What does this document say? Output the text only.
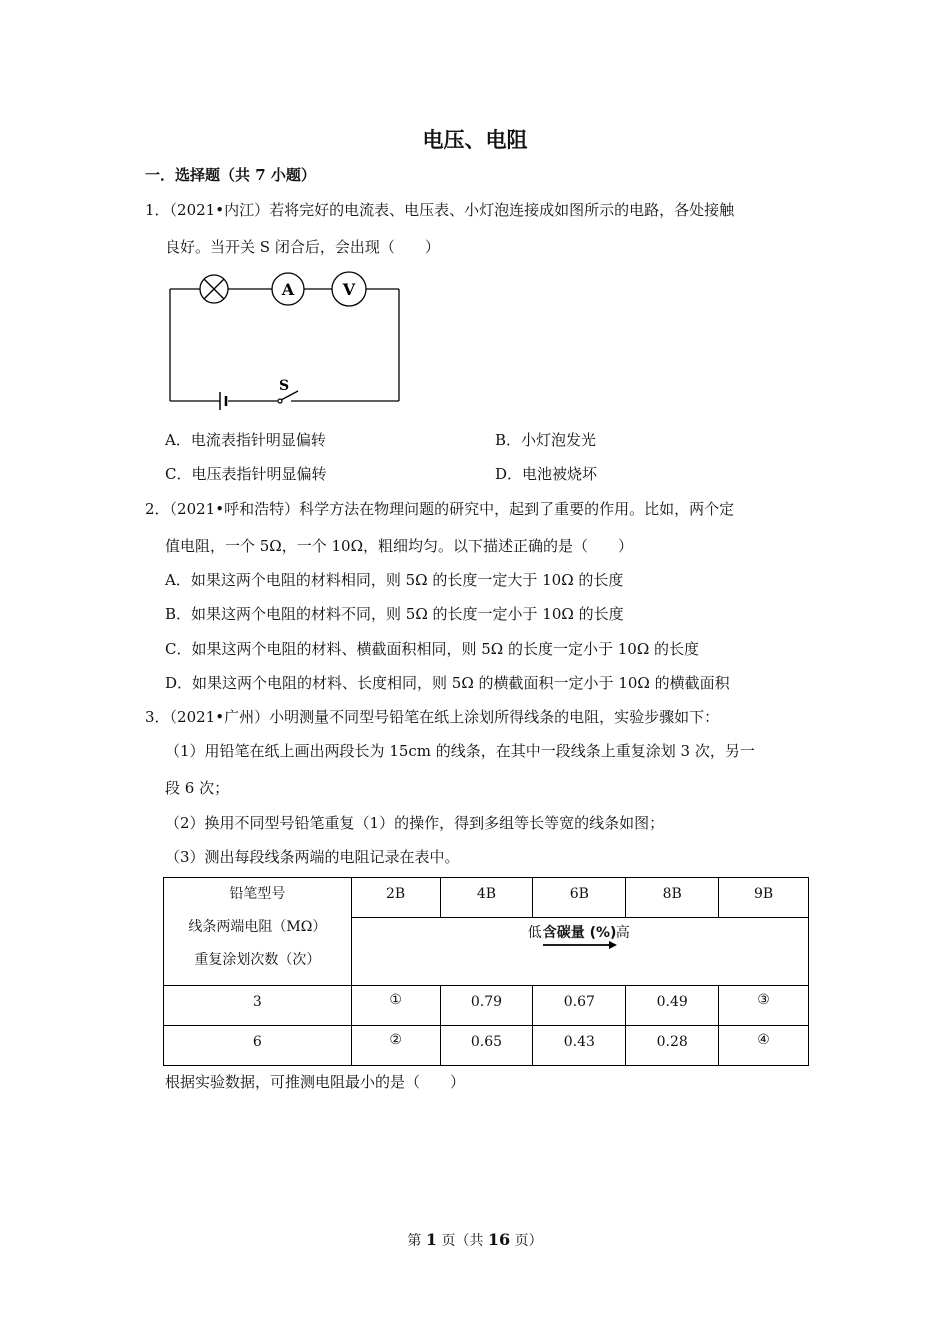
电压、电阻
一．选择题（共 7 小题）
1．（2021•内江）若将完好的电流表、电压表、小灯泡连接成如图所示的电路，各处接触
良好。当开关 S 闭合后，会出现（　　）
A	V
S
A．电流表指针明显偏转	B．小灯泡发光
C．电压表指针明显偏转	D．电池被烧坏
2．（2021•呼和浩特）科学方法在物理问题的研究中，起到了重要的作用。比如，两个定
值电阻，一个 5Ω，一个 10Ω，粗细均匀。以下描述正确的是（　　）
A．如果这两个电阻的材料相同，则 5Ω 的长度一定大于 10Ω 的长度
B．如果这两个电阻的材料不同，则 5Ω 的长度一定小于 10Ω 的长度
C．如果这两个电阻的材料、横截面积相同，则 5Ω 的长度一定小于 10Ω 的长度
D．如果这两个电阻的材料、长度相同，则 5Ω 的横截面积一定小于 10Ω 的横截面积
3．（2021•广州）小明测量不同型号铅笔在纸上涂划所得线条的电阻，实验步骤如下：
（1）用铅笔在纸上画出两段长为 15cm 的线条，在其中一段线条上重复涂划 3 次，另一
段 6 次；
（2）换用不同型号铅笔重复（1）的操作，得到多组等长等宽的线条如图；
（3）测出每段线条两端的电阻记录在表中。
铅笔型号
线条两端电阻（MΩ）
重复涂划次数（次）	2B	4B	6B	8B	9B

	低 含碳量 (%) 高				

3	①	0.79	0.67	0.49	③
6	②	0.65	0.43	0.28	④
根据实验数据，可推测电阻最小的是（　　）
第 1 页（共 16 页）
